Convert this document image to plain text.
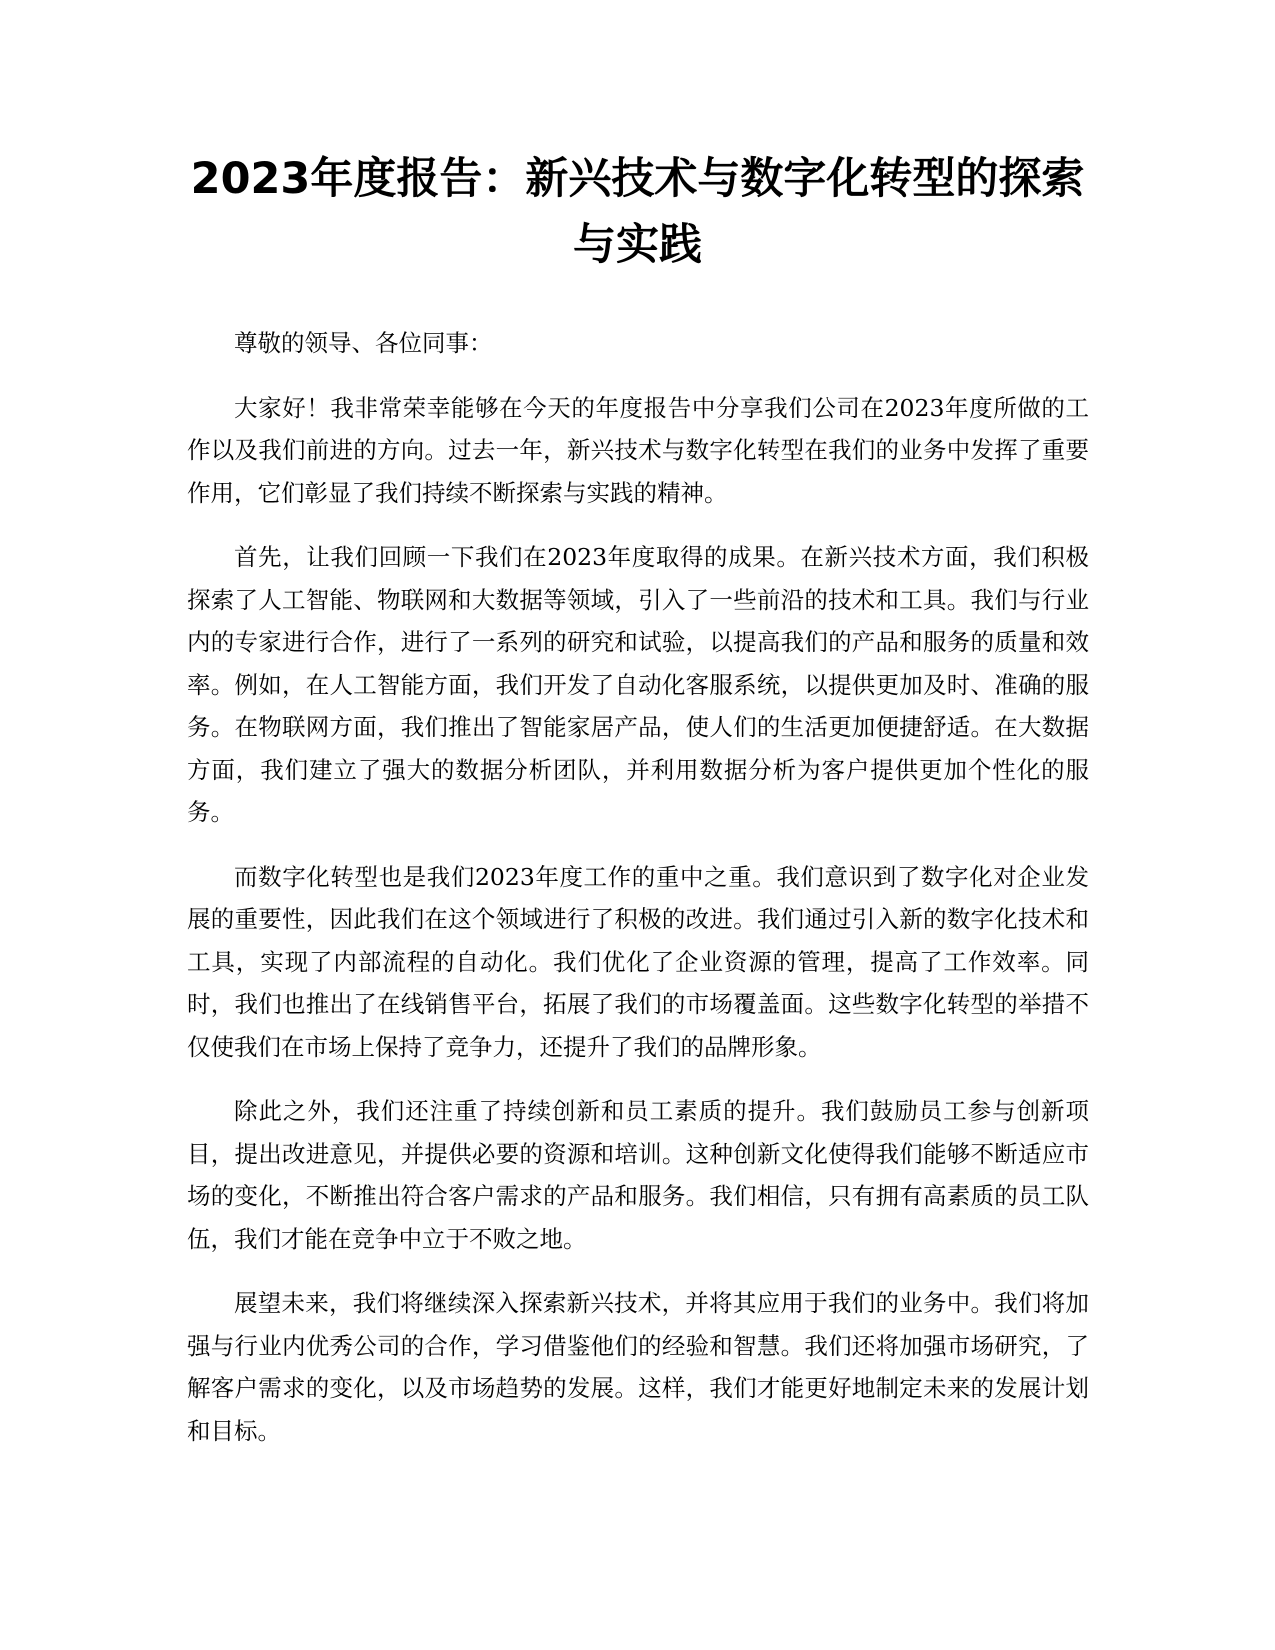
2023年度报告：新兴技术与数字化转型的探索与实践

尊敬的领导、各位同事：

大家好！我非常荣幸能够在今天的年度报告中分享我们公司在2023年度所做的工作以及我们前进的方向。过去一年，新兴技术与数字化转型在我们的业务中发挥了重要作用，它们彰显了我们持续不断探索与实践的精神。

首先，让我们回顾一下我们在2023年度取得的成果。在新兴技术方面，我们积极探索了人工智能、物联网和大数据等领域，引入了一些前沿的技术和工具。我们与行业内的专家进行合作，进行了一系列的研究和试验，以提高我们的产品和服务的质量和效率。例如，在人工智能方面，我们开发了自动化客服系统，以提供更加及时、准确的服务。在物联网方面，我们推出了智能家居产品，使人们的生活更加便捷舒适。在大数据方面，我们建立了强大的数据分析团队，并利用数据分析为客户提供更加个性化的服务。

而数字化转型也是我们2023年度工作的重中之重。我们意识到了数字化对企业发展的重要性，因此我们在这个领域进行了积极的改进。我们通过引入新的数字化技术和工具，实现了内部流程的自动化。我们优化了企业资源的管理，提高了工作效率。同时，我们也推出了在线销售平台，拓展了我们的市场覆盖面。这些数字化转型的举措不仅使我们在市场上保持了竞争力，还提升了我们的品牌形象。

除此之外，我们还注重了持续创新和员工素质的提升。我们鼓励员工参与创新项目，提出改进意见，并提供必要的资源和培训。这种创新文化使得我们能够不断适应市场的变化，不断推出符合客户需求的产品和服务。我们相信，只有拥有高素质的员工队伍，我们才能在竞争中立于不败之地。

展望未来，我们将继续深入探索新兴技术，并将其应用于我们的业务中。我们将加强与行业内优秀公司的合作，学习借鉴他们的经验和智慧。我们还将加强市场研究，了解客户需求的变化，以及市场趋势的发展。这样，我们才能更好地制定未来的发展计划和目标。
